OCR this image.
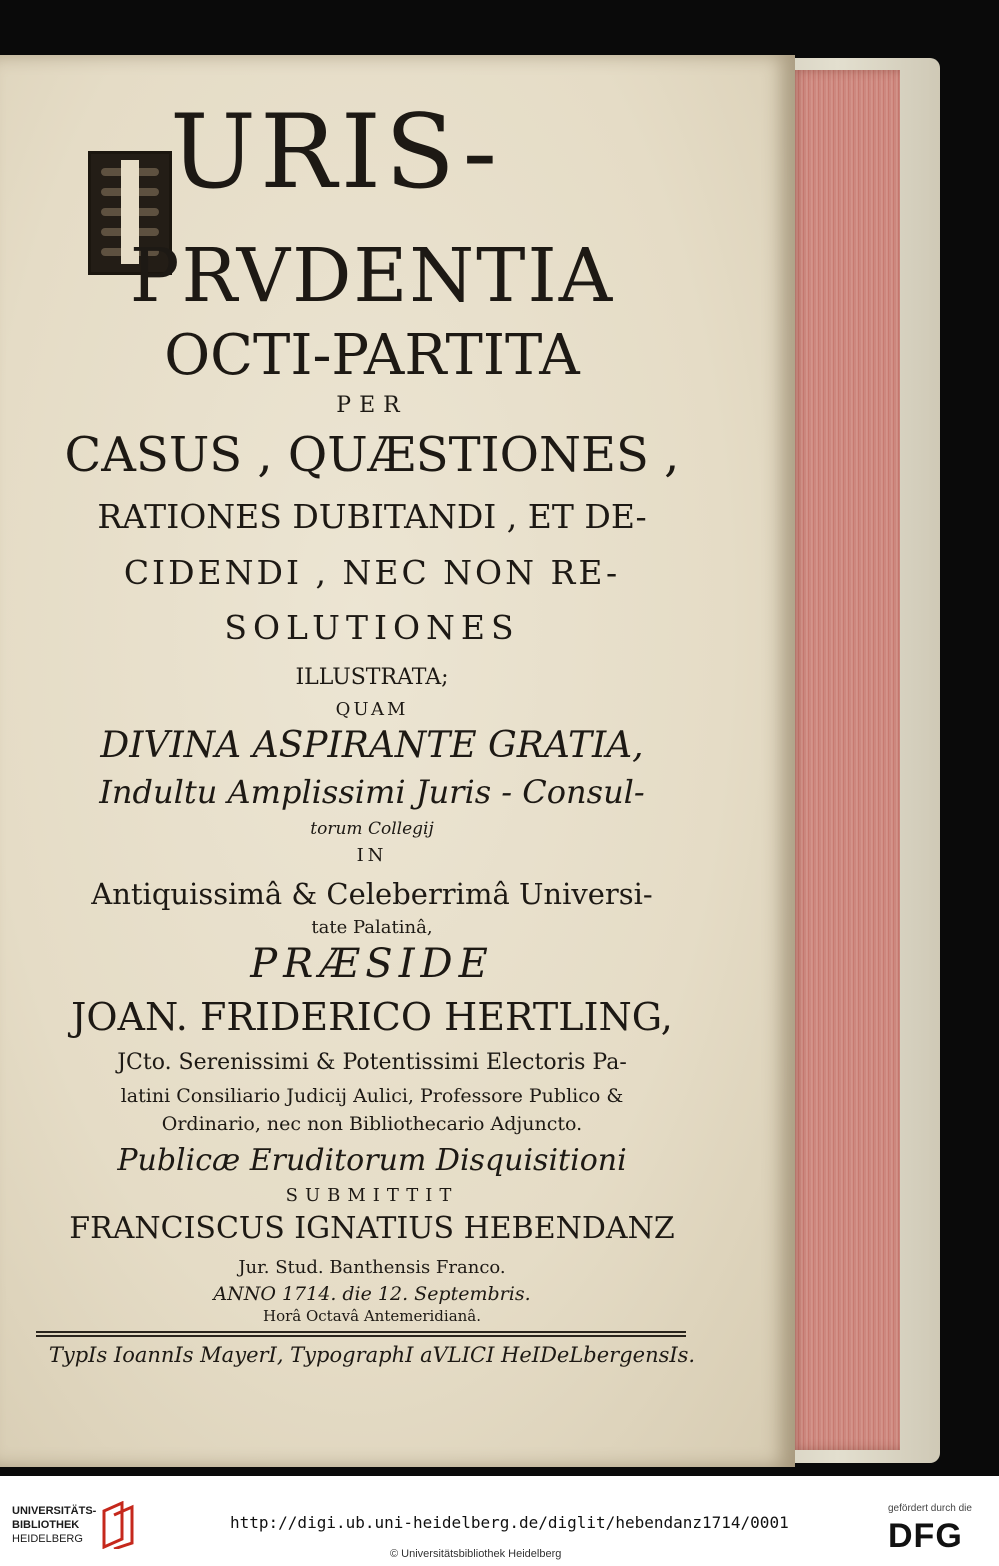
URIS-

PRVDENTIA

OCTI-PARTITA

PER

CASUS , QUÆSTIONES ,

RATIONES DUBITANDI , ET DE-

CIDENDI , NEC NON RE-

SOLUTIONES

ILLUSTRATA;

QUAM

DIVINA ASPIRANTE GRATIA,

Indultu Amplissimi Juris - Consul-

torum Collegij

IN

Antiquissimâ & Celeberrimâ Universi-

tate Palatinâ,

PRÆSIDE

JOAN. FRIDERICO HERTLING,

JCto. Serenissimi & Potentissimi Electoris Pa-

latini Consiliario Judicij Aulici, Professore Publico &

Ordinario, nec non Bibliothecario Adjuncto.

Publicæ Eruditorum Disquisitioni

SUBMITTIT

FRANCISCUS IGNATIUS HEBENDANZ

Jur. Stud. Banthensis Franco.

ANNO 1714. die 12. Septembris.

Horâ Octavâ Antemeridianâ.

TypIs IoannIs MayerI, TypographI aVLICI HeIDeLbergensIs.

UNIVERSITÄTS-
BIBLIOTHEK
HEIDELBERG
http://digi.ub.uni-heidelberg.de/diglit/hebendanz1714/0001
© Universitätsbibliothek Heidelberg
gefördert durch die
DFG
